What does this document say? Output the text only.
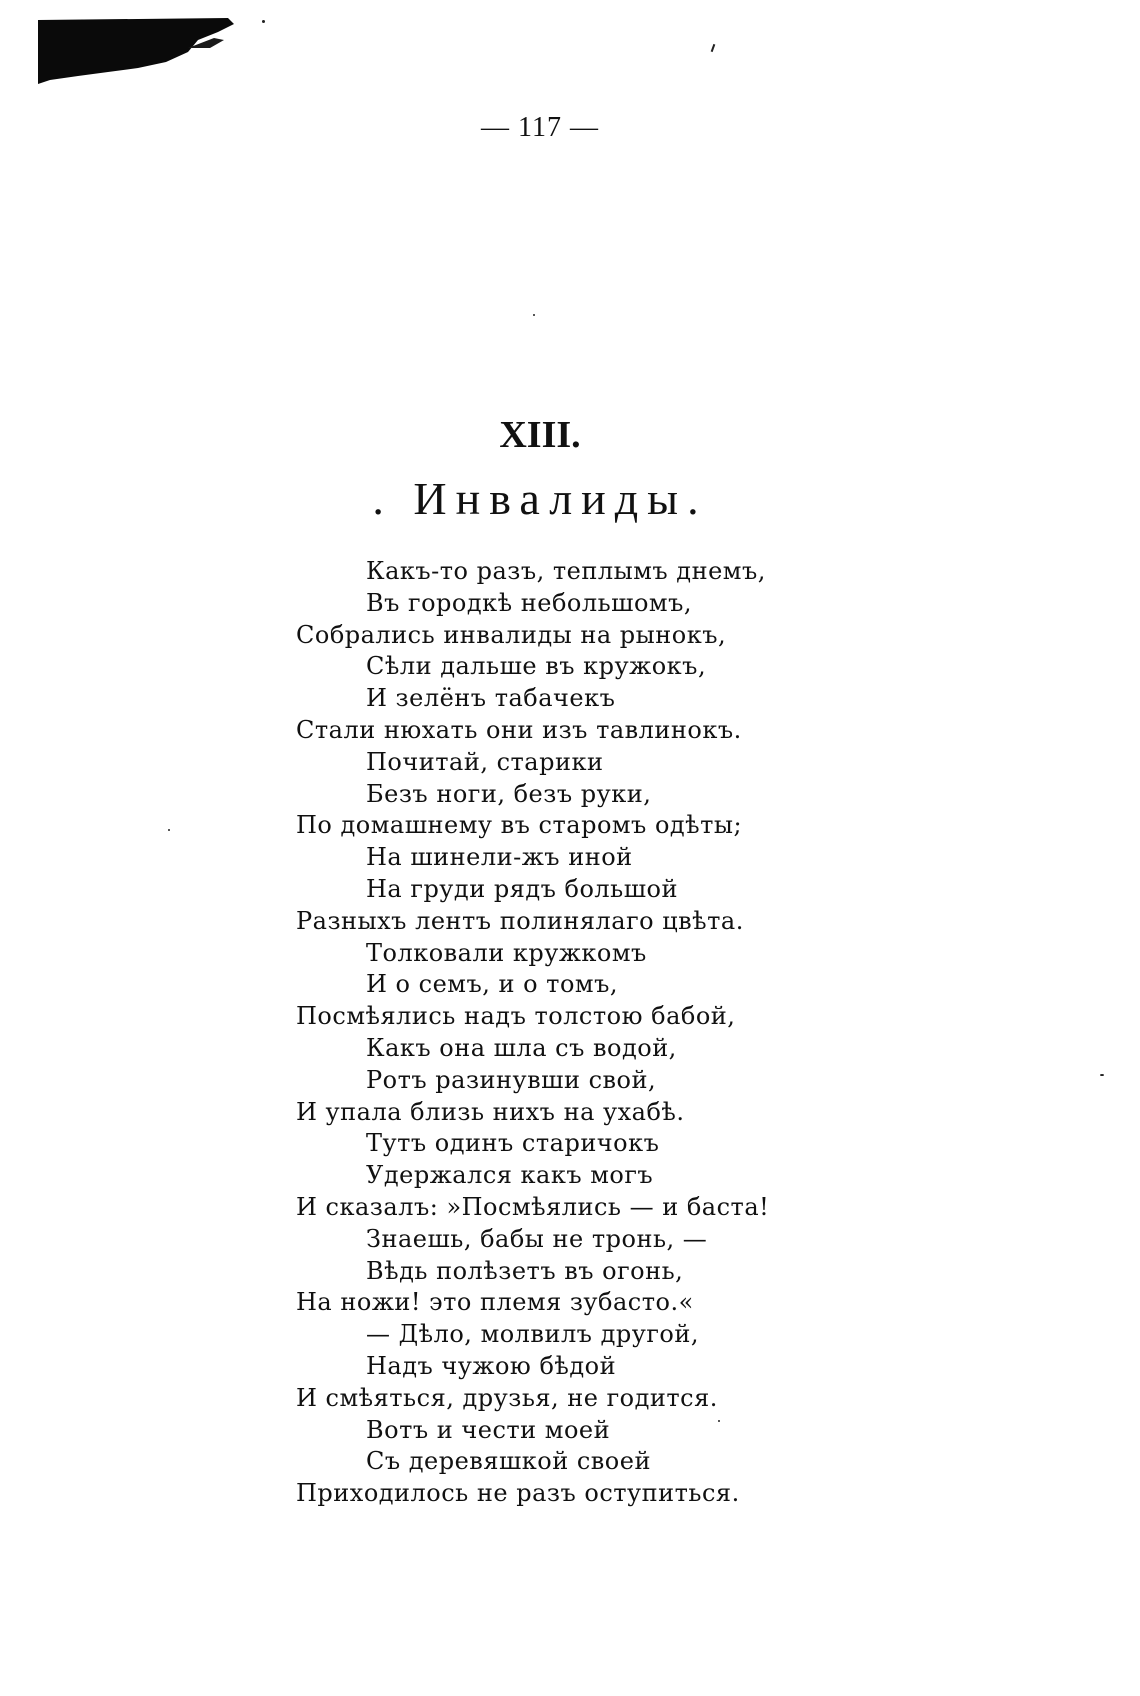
— 117 —
XIII.
. Инвалиды.
Какъ-то разъ, теплымъ днемъ,
Въ городкѣ небольшомъ,
Собрались инвалиды на рынокъ,
Сѣли дальше въ кружокъ,
И зелёнъ табачекъ
Стали нюхать они изъ тавлинокъ.
Почитай, старики
Безъ ноги, безъ руки,
По домашнему въ старомъ одѣты;
На шинели-жъ иной
На груди рядъ большой
Разныхъ лентъ полинялаго цвѣта.
Толковали кружкомъ
И о семъ, и о томъ,
Посмѣялись надъ толстою бабой,
Какъ она шла съ водой,
Ротъ разинувши свой,
И упала близь нихъ на ухабѣ.
Тутъ одинъ старичокъ
Удержался какъ могъ
И сказалъ: »Посмѣялись — и баста!
Знаешь, бабы не тронь, —
Вѣдь полѣзетъ въ огонь,
На ножи! это племя зубасто.«
— Дѣло, молвилъ другой,
Надъ чужою бѣдой
И смѣяться, друзья, не годится.
Вотъ и чести моей
Съ деревяшкой своей
Приходилось не разъ оступиться.
